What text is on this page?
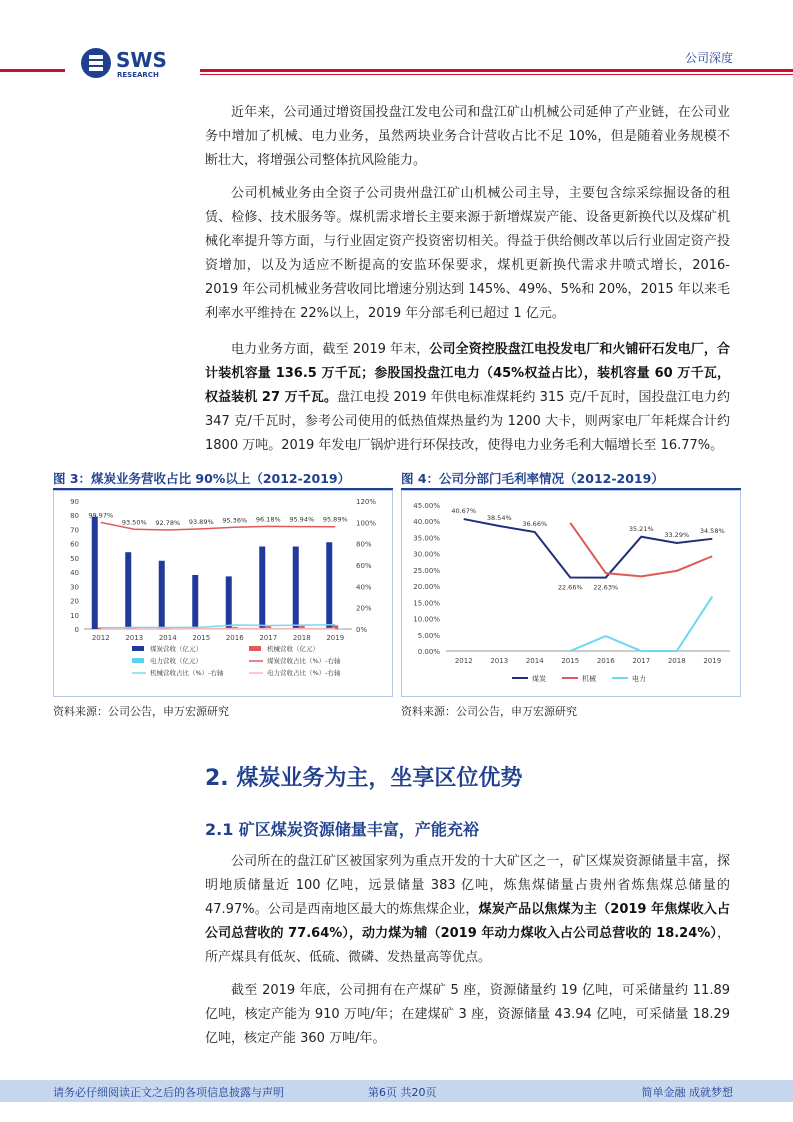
SWS
RESEARCH
公司深度
近年来，公司通过增资国投盘江发电公司和盘江矿山机械公司延伸了产业链，在公司业务中增加了机械、电力业务，虽然两块业务合计营收占比不足 10%，但是随着业务规模不断壮大，将增强公司整体抗风险能力。
公司机械业务由全资子公司贵州盘江矿山机械公司主导，主要包含综采综掘设备的租赁、检修、技术服务等。煤机需求增长主要来源于新增煤炭产能、设备更新换代以及煤矿机械化率提升等方面，与行业固定资产投资密切相关。得益于供给侧改革以后行业固定资产投资增加，以及为适应不断提高的安监环保要求，煤机更新换代需求井喷式增长，2016-2019 年公司机械业务营收同比增速分别达到 145%、49%、5%和 20%，2015 年以来毛利率水平维持在 22%以上，2019 年分部毛利已超过 1 亿元。
电力业务方面，截至 2019 年末，公司全资控股盘江电投发电厂和火铺矸石发电厂，合计装机容量 136.5 万千瓦；参股国投盘江电力（45%权益占比），装机容量 60 万千瓦，权益装机 27 万千瓦。盘江电投 2019 年供电标准煤耗约 315 克/千瓦时，国投盘江电力约 347 克/千瓦时，参考公司使用的低热值煤热量约为 1200 大卡，则两家电厂年耗煤合计约 1800 万吨。2019 年发电厂锅炉进行环保技改，使得电力业务毛利大幅增长至 16.77%。
图 3：煤炭业务营收占比 90%以上（2012-2019）
0
10
20
30
40
50
60
70
80
90
0%
20%
40%
60%
80%
100%
120%
2012 2013 2014 2015 2016 2017 2018 2019
99.97%
93.50% 92.78% 93.89% 95.36% 96.18% 95.94% 95.89%
煤炭营收（亿元）	机械营收（亿元）
电力营收（亿元）	煤炭营收占比（%）-右轴
机械营收占比（%）-右轴	电力营收占比（%）-右轴
资料来源：公司公告，申万宏源研究
图 4：公司分部门毛利率情况（2012-2019）
0.00%
5.00%
10.00%
15.00%
20.00%
25.00%
30.00%
35.00%
40.00%
45.00%
2012	2013	2014	2015	2016	2017	2018	2019
40.67%
38.54%
36.66%
22.66% 22.63%
35.21%
33.29%
34.58%
煤炭	机械	电力
资料来源：公司公告，申万宏源研究
2. 煤炭业务为主，坐享区位优势
2.1 矿区煤炭资源储量丰富，产能充裕
公司所在的盘江矿区被国家列为重点开发的十大矿区之一，矿区煤炭资源储量丰富，探明地质储量近 100 亿吨，远景储量 383 亿吨，炼焦煤储量占贵州省炼焦煤总储量的 47.97%。公司是西南地区最大的炼焦煤企业，煤炭产品以焦煤为主（2019 年焦煤收入占公司总营收的 77.64%），动力煤为辅（2019 年动力煤收入占公司总营收的 18.24%），所产煤具有低灰、低硫、微磷、发热量高等优点。
截至 2019 年底，公司拥有在产煤矿 5 座，资源储量约 19 亿吨，可采储量约 11.89 亿吨，核定产能为 910 万吨/年；在建煤矿 3 座，资源储量 43.94 亿吨，可采储量 18.29 亿吨，核定产能 360 万吨/年。
请务必仔细阅读正文之后的各项信息披露与声明	第6页 共20页	简单金融 成就梦想
